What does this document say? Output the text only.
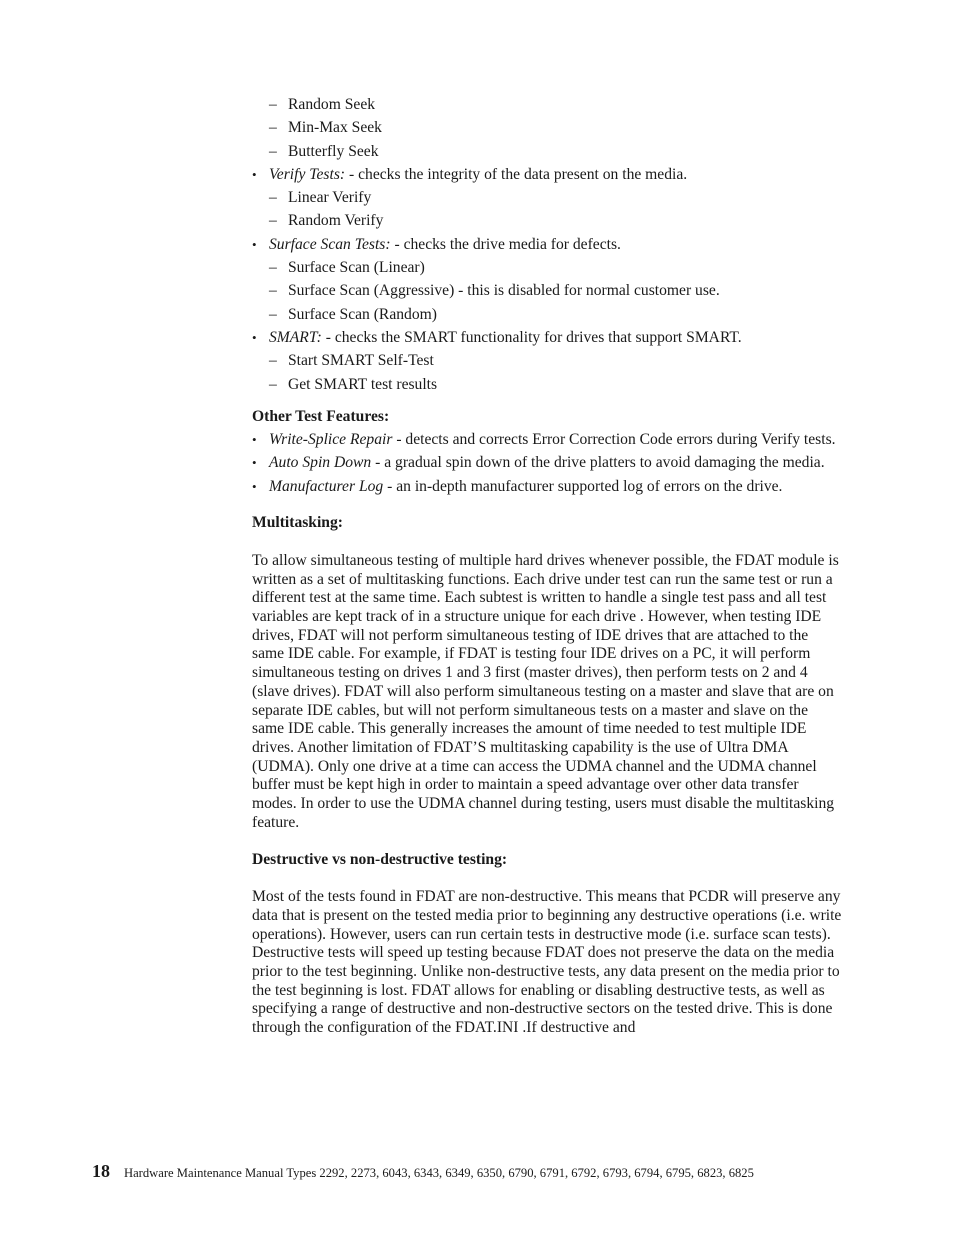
– Random Seek
– Min-Max Seek
– Butterfly Seek
• Verify Tests: - checks the integrity of the data present on the media.
– Linear Verify
– Random Verify
• Surface Scan Tests: - checks the drive media for defects.
– Surface Scan (Linear)
– Surface Scan (Aggressive) - this is disabled for normal customer use.
– Surface Scan (Random)
• SMART: - checks the SMART functionality for drives that support SMART.
– Start SMART Self-Test
– Get SMART test results
Other Test Features:
• Write-Splice Repair - detects and corrects Error Correction Code errors during Verify tests.
• Auto Spin Down - a gradual spin down of the drive platters to avoid damaging the media.
• Manufacturer Log - an in-depth manufacturer supported log of errors on the drive.
Multitasking:

To allow simultaneous testing of multiple hard drives whenever possible, the FDAT module is written as a set of multitasking functions. Each drive under test can run the same test or run a different test at the same time. Each subtest is written to handle a single test pass and all test variables are kept track of in a structure unique for each drive . However, when testing IDE drives, FDAT will not perform simultaneous testing of IDE drives that are attached to the same IDE cable. For example, if FDAT is testing four IDE drives on a PC, it will perform simultaneous testing on drives 1 and 3 first (master drives), then perform tests on 2 and 4 (slave drives). FDAT will also perform simultaneous testing on a master and slave that are on separate IDE cables, but will not perform simultaneous tests on a master and slave on the same IDE cable. This generally increases the amount of time needed to test multiple IDE drives. Another limitation of FDAT’S multitasking capability is the use of Ultra DMA (UDMA). Only one drive at a time can access the UDMA channel and the UDMA channel buffer must be kept high in order to maintain a speed advantage over other data transfer modes. In order to use the UDMA channel during testing, users must disable the multitasking feature.

Destructive vs non-destructive testing:

Most of the tests found in FDAT are non-destructive. This means that PCDR will preserve any data that is present on the tested media prior to beginning any destructive operations (i.e. write operations). However, users can run certain tests in destructive mode (i.e. surface scan tests). Destructive tests will speed up testing because FDAT does not preserve the data on the media prior to the test beginning. Unlike non-destructive tests, any data present on the media prior to the test beginning is lost. FDAT allows for enabling or disabling destructive tests, as well as specifying a range of destructive and non-destructive sectors on the tested drive. This is done through the configuration of the FDAT.INI .If destructive and

18 Hardware Maintenance Manual Types 2292, 2273, 6043, 6343, 6349, 6350, 6790, 6791, 6792, 6793, 6794, 6795, 6823, 6825
